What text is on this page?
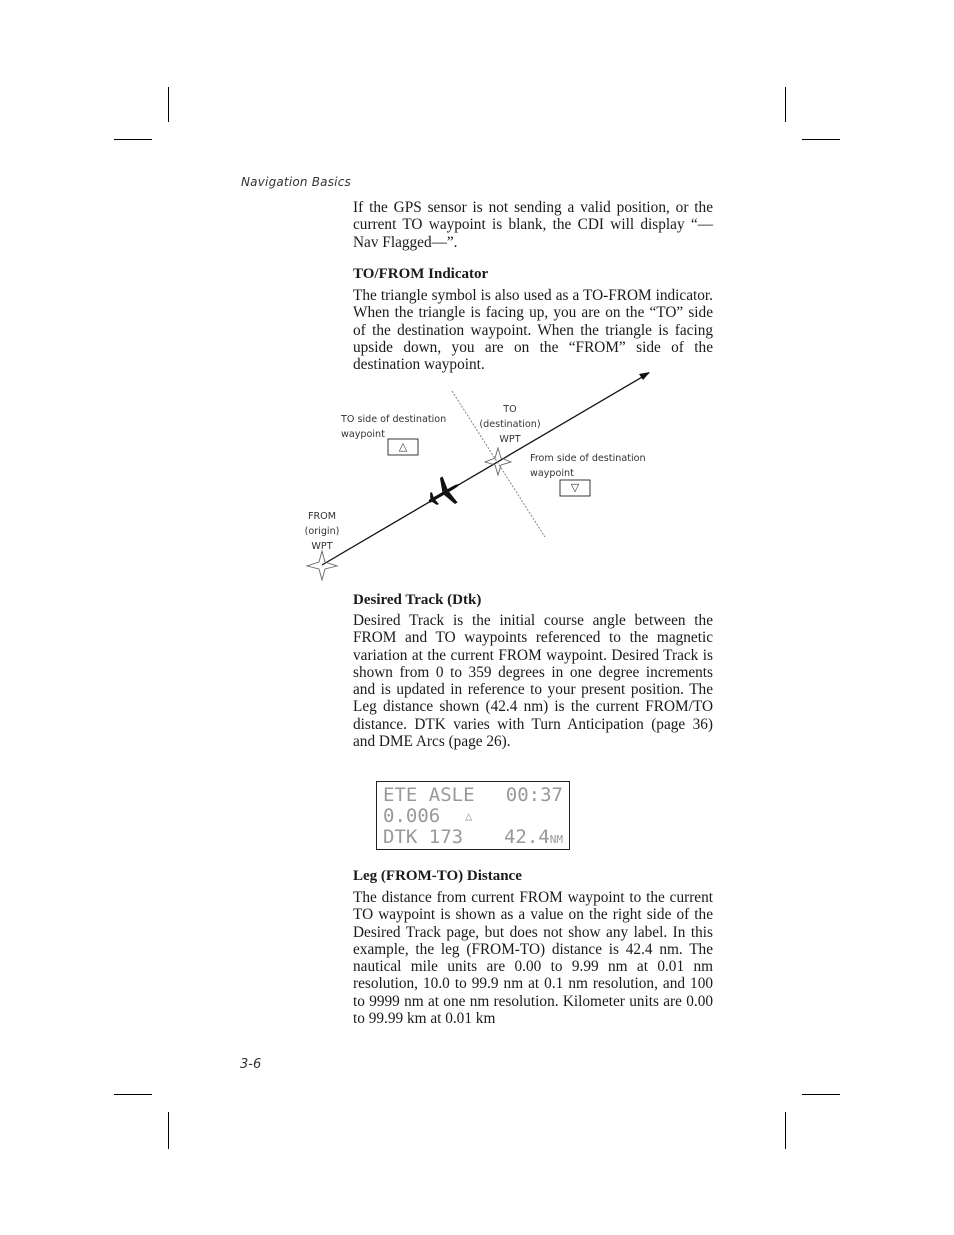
Navigation Basics
If the GPS sensor is not sending a valid position, or the current TO waypoint is blank, the CDI will display “—Nav Flagged—”.
TO/FROM Indicator
The triangle symbol is also used as a TO-FROM indicator. When the triangle is facing up, you are on the “TO” side of the destination waypoint. When the triangle is facing upside down, you are on the “FROM” side of the destination waypoint.
TO side of destination
waypoint
△
TO
(destination)
WPT
From side of destination
waypoint
▽
FROM
(origin)
WPT
Desired Track (Dtk)
Desired Track is the initial course angle between the FROM and TO waypoints referenced to the magnetic variation at the current FROM waypoint. Desired Track is shown from 0 to 359 degrees in one degree increments and is updated in reference to your present position. The Leg distance shown (42.4 nm) is the current FROM/TO distance. DTK varies with Turn Anticipation (page 36) and DME Arcs (page 26).
ETE ASLE 00:37
0.006 △
DTK 173 42.4NM
Leg (FROM-TO) Distance
The distance from current FROM waypoint to the current TO waypoint is shown as a value on the right side of the Desired Track page, but does not show any label. In this example, the leg (FROM-TO) distance is 42.4 nm. The nautical mile units are 0.00 to 9.99 nm at 0.01 nm resolution, 10.0 to 99.9 nm at 0.1 nm resolution, and 100 to 9999 nm at one nm resolution. Kilometer units are 0.00 to 99.99 km at 0.01 km
3-6
